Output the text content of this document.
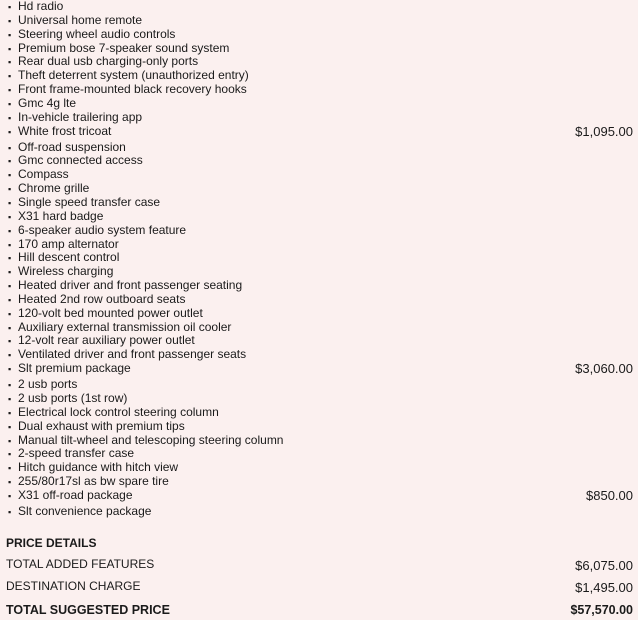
▪ Hd radio
▪ Universal home remote
▪ Steering wheel audio controls
▪ Premium bose 7-speaker sound system
▪ Rear dual usb charging-only ports
▪ Theft deterrent system (unauthorized entry)
▪ Front frame-mounted black recovery hooks
▪ Gmc 4g lte
▪ In-vehicle trailering app
▪ White frost tricoat	$1,095.00
▪ Off-road suspension
▪ Gmc connected access
▪ Compass
▪ Chrome grille
▪ Single speed transfer case
▪ X31 hard badge
▪ 6-speaker audio system feature
▪ 170 amp alternator
▪ Hill descent control
▪ Wireless charging
▪ Heated driver and front passenger seating
▪ Heated 2nd row outboard seats
▪ 120-volt bed mounted power outlet
▪ Auxiliary external transmission oil cooler
▪ 12-volt rear auxiliary power outlet
▪ Ventilated driver and front passenger seats
▪ Slt premium package	$3,060.00
▪ 2 usb ports
▪ 2 usb ports (1st row)
▪ Electrical lock control steering column
▪ Dual exhaust with premium tips
▪ Manual tilt-wheel and telescoping steering column
▪ 2-speed transfer case
▪ Hitch guidance with hitch view
▪ 255/80r17sl as bw spare tire
▪ X31 off-road package	$850.00
▪ Slt convenience package
PRICE DETAILS
TOTAL ADDED FEATURES	$6,075.00
DESTINATION CHARGE	$1,495.00
TOTAL SUGGESTED PRICE	$57,570.00
